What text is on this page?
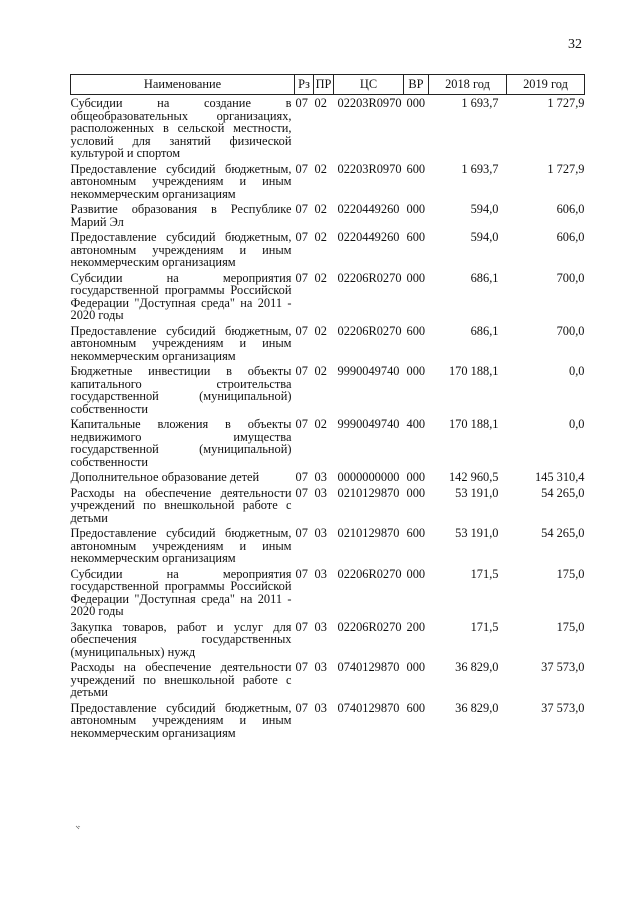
32
Наименование	Рз	ПР	ЦС	ВР	2018 год	2019 год
Субсидии на создание в общеобразовательных организациях, расположенных в сельской местности, условий для занятий физической культурой и спортом	07	02	02203R0970	000	1 693,7	1 727,9
Предоставление субсидий бюджетным, автономным учреждениям и иным некоммерческим организациям	07	02	02203R0970	600	1 693,7	1 727,9
Развитие образования в Республике Марий Эл	07	02	0220449260	000	594,0	606,0
Предоставление субсидий бюджетным, автономным учреждениям и иным некоммерческим организациям	07	02	0220449260	600	594,0	606,0
Субсидии на мероприятия государственной программы Российской Федерации "Доступная среда" на 2011 - 2020 годы	07	02	02206R0270	000	686,1	700,0
Предоставление субсидий бюджетным, автономным учреждениям и иным некоммерческим организациям	07	02	02206R0270	600	686,1	700,0
Бюджетные инвестиции в объекты капитального строительства государственной (муниципальной) собственности	07	02	9990049740	000	170 188,1	0,0
Капитальные вложения в объекты недвижимого имущества государственной (муниципальной) собственности	07	02	9990049740	400	170 188,1	0,0
Дополнительное образование детей	07	03	0000000000	000	142 960,5	145 310,4
Расходы на обеспечение деятельности учреждений по внешкольной работе с детьми	07	03	0210129870	000	53 191,0	54 265,0
Предоставление субсидий бюджетным, автономным учреждениям и иным некоммерческим организациям	07	03	0210129870	600	53 191,0	54 265,0
Субсидии на мероприятия государственной программы Российской Федерации "Доступная среда" на 2011 - 2020 годы	07	03	02206R0270	000	171,5	175,0
Закупка товаров, работ и услуг для обеспечения государственных (муниципальных) нужд	07	03	02206R0270	200	171,5	175,0
Расходы на обеспечение деятельности учреждений по внешкольной работе с детьми	07	03	0740129870	000	36 829,0	37 573,0
Предоставление субсидий бюджетным, автономным учреждениям и иным некоммерческим организациям	07	03	0740129870	600	36 829,0	37 573,0
